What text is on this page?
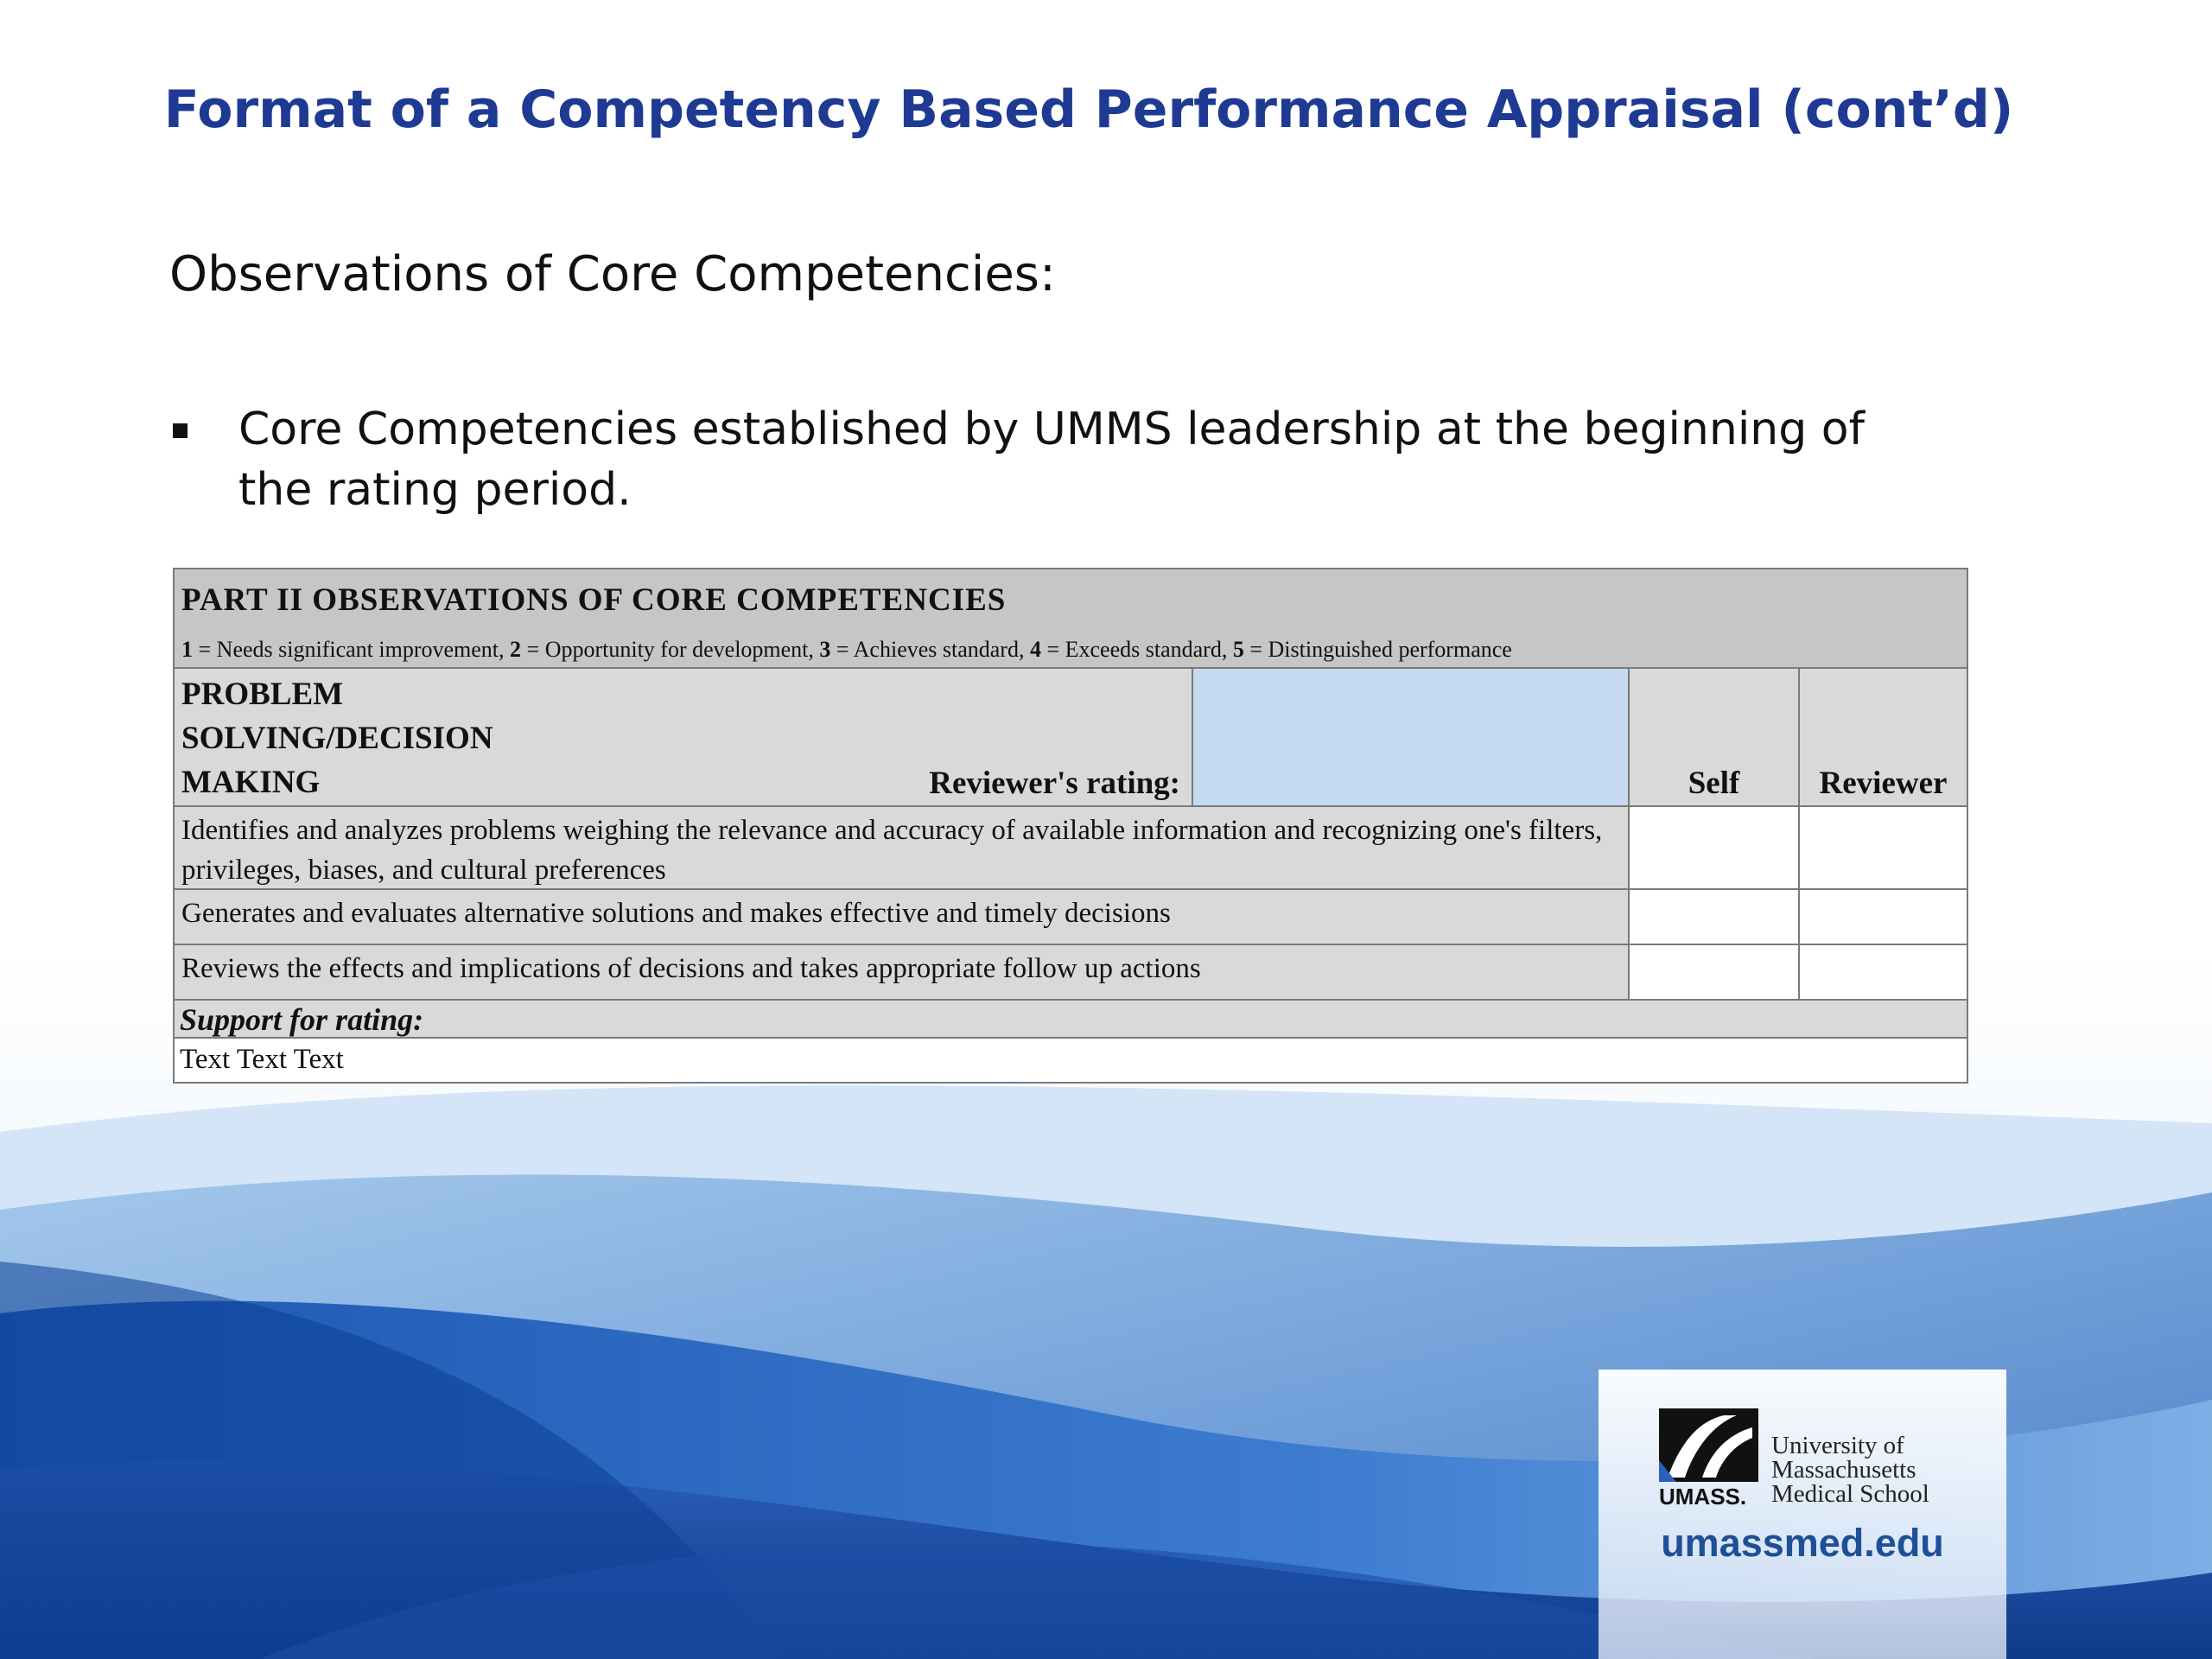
Format of a Competency Based Performance Appraisal (cont’d)

Observations of Core Competencies:

Core Competencies established by UMMS leadership at the beginning of the rating period.
PART II OBSERVATIONS OF CORE COMPETENCIES
1 = Needs significant improvement, 2 = Opportunity for development, 3 = Achieves standard, 4 = Exceeds standard, 5 = Distinguished performance
PROBLEM
SOLVING/DECISION
MAKING	Reviewer's rating:	Self	Reviewer
Identifies and analyzes problems weighing the relevance and accuracy of available information and recognizing one's filters, privileges, biases, and cultural preferences
Generates and evaluates alternative solutions and makes effective and timely decisions
Reviews the effects and implications of decisions and takes appropriate follow up actions
Support for rating:
Text Text Text
UMASS.
University of
Massachusetts
Medical School
umassmed.edu
